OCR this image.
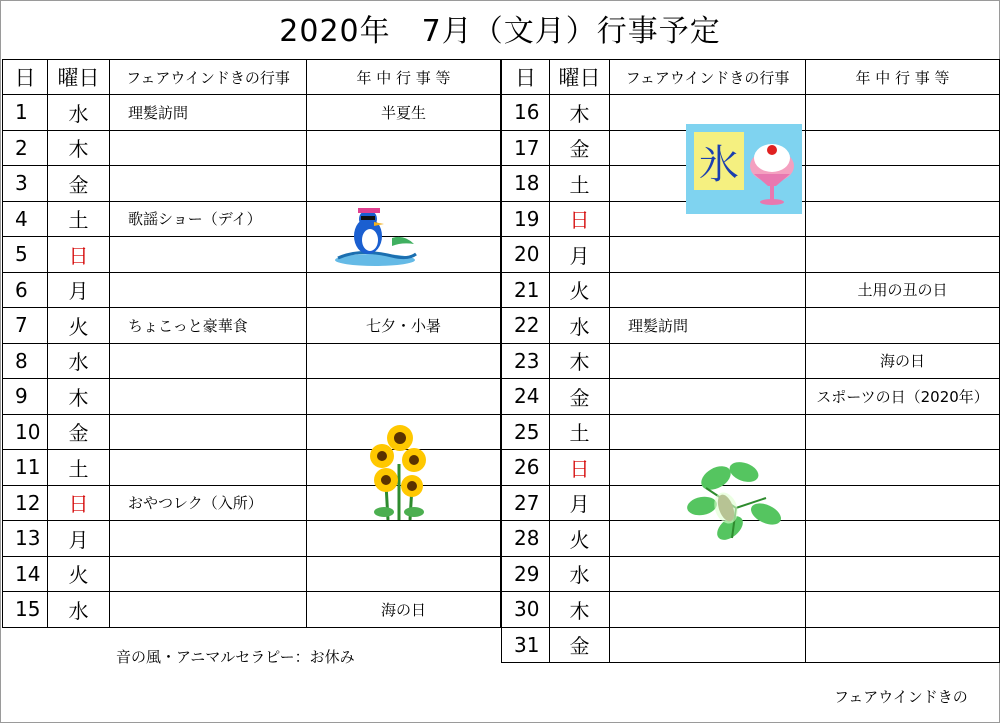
2020年　7月（文月）行事予定
日	曜日	フェアウインドきの行事	年 中 行 事 等
1	水	理髪訪問	半夏生
2	木		
3	金		
4	土	歌謡ショー（デイ）	
5	日		
6	月		
7	火	ちょこっと豪華食	七夕・小暑
8	水		
9	木		
10	金		
11	土		
12	日	おやつレク（入所）	
13	月		
14	火		
15	水		海の日
日	曜日	フェアウインドきの行事	年 中 行 事 等
16	木		
17	金		
18	土		
19	日		
20	月		
21	火		土用の丑の日
22	水	理髪訪問	
23	木		海の日
24	金		スポーツの日（2020年）
25	土		
26	日		
27	月		
28	火		
29	水		
30	木		
31	金		
音の風・アニマルセラピー：お休み
フェアウインドきの
氷
